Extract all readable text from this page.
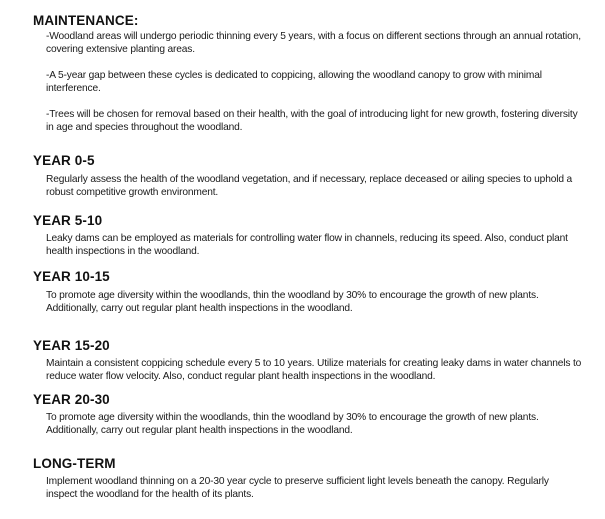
MAINTENANCE:
-Woodland areas will undergo periodic thinning every 5 years, with a focus on different sections through an annual rotation, covering extensive planting areas.
-A 5-year gap between these cycles is dedicated to coppicing, allowing the woodland canopy to grow with minimal interference.
-Trees will be chosen for removal based on their health, with the goal of introducing light for new growth, fostering diversity in age and species throughout the woodland.
YEAR 0-5
Regularly assess the health of the woodland vegetation, and if necessary, replace deceased or ailing species to uphold a robust competitive growth environment.
YEAR 5-10
Leaky dams can be employed as materials for controlling water flow in channels, reducing its speed. Also, conduct plant health inspections in the woodland.
YEAR 10-15
To promote age diversity within the woodlands, thin the woodland by 30% to encourage the growth of new plants. Additionally, carry out regular plant health inspections in the woodland.
YEAR 15-20
Maintain a consistent coppicing schedule every 5 to 10 years. Utilize materials for creating leaky dams in water channels to reduce water flow velocity. Also, conduct regular plant health inspections in the woodland.
YEAR 20-30
To promote age diversity within the woodlands, thin the woodland by 30% to encourage the growth of new plants. Additionally, carry out regular plant health inspections in the woodland.
LONG-TERM
Implement woodland thinning on a 20-30 year cycle to preserve sufficient light levels beneath the canopy. Regularly inspect the woodland for the health of its plants.
